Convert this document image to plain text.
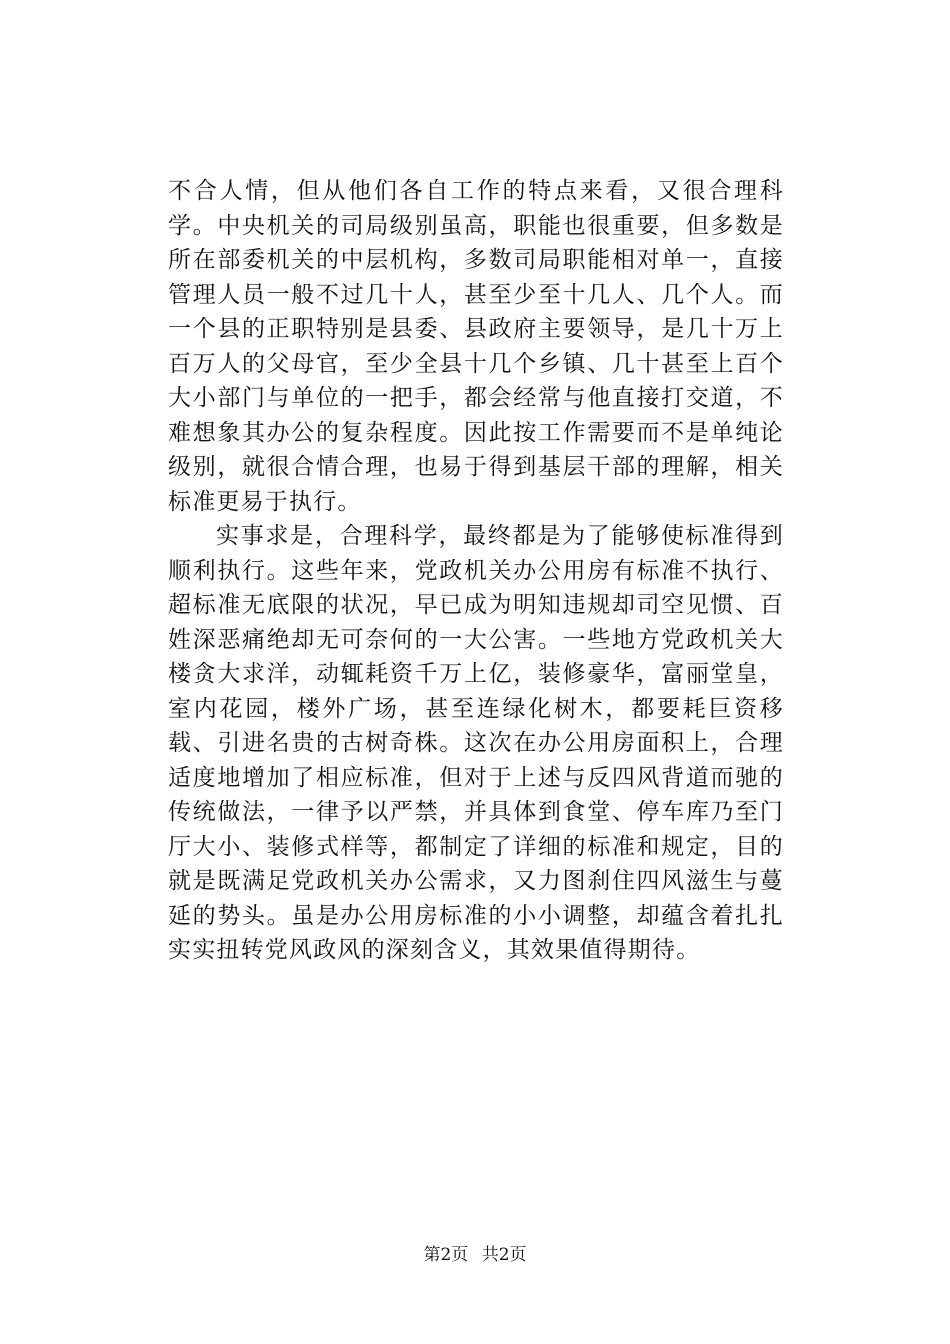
不合人情，但从他们各自工作的特点来看，又很合理科学。中央机关的司局级别虽高，职能也很重要，但多数是所在部委机关的中层机构，多数司局职能相对单一，直接管理人员一般不过几十人，甚至少至十几人、几个人。而一个县的正职特别是县委、县政府主要领导，是几十万上百万人的父母官，至少全县十几个乡镇、几十甚至上百个大小部门与单位的一把手，都会经常与他直接打交道，不难想象其办公的复杂程度。因此按工作需要而不是单纯论级别，就很合情合理，也易于得到基层干部的理解，相关标准更易于执行。

实事求是，合理科学，最终都是为了能够使标准得到顺利执行。这些年来，党政机关办公用房有标准不执行、超标准无底限的状况，早已成为明知违规却司空见惯、百姓深恶痛绝却无可奈何的一大公害。一些地方党政机关大楼贪大求洋，动辄耗资千万上亿，装修豪华，富丽堂皇，室内花园，楼外广场，甚至连绿化树木，都要耗巨资移载、引进名贵的古树奇株。这次在办公用房面积上，合理适度地增加了相应标准，但对于上述与反四风背道而驰的传统做法，一律予以严禁，并具体到食堂、停车库乃至门厅大小、装修式样等，都制定了详细的标准和规定，目的就是既满足党政机关办公需求，又力图刹住四风滋生与蔓延的势头。虽是办公用房标准的小小调整，却蕴含着扎扎实实扭转党风政风的深刻含义，其效果值得期待。

第2页 共2页
